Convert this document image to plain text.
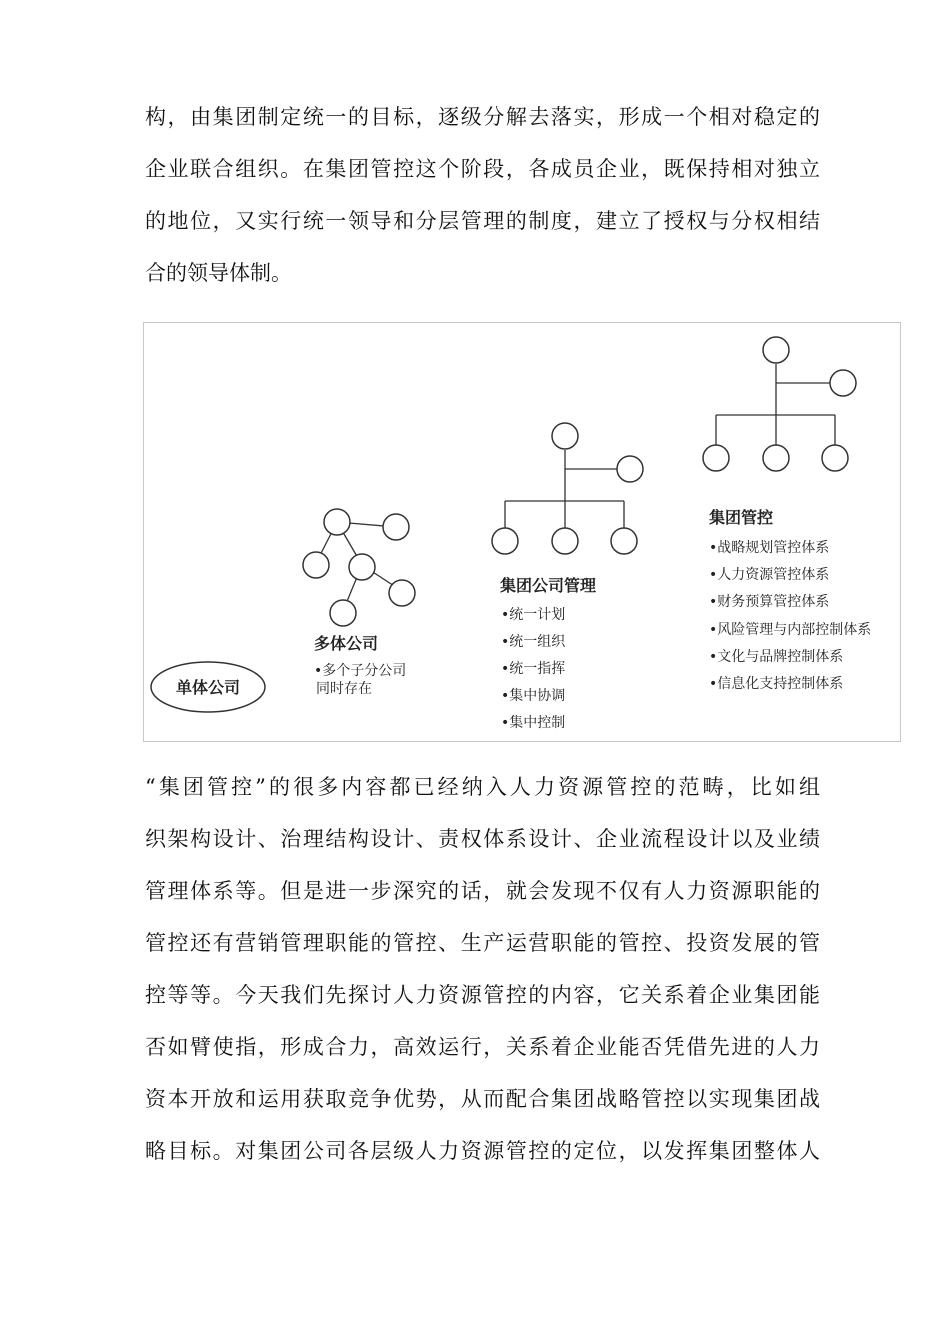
构，由集团制定统一的目标，逐级分解去落实，形成一个相对稳定的
企业联合组织。在集团管控这个阶段，各成员企业，既保持相对独立
的地位，又实行统一领导和分层管理的制度，建立了授权与分权相结
合的领导体制。
单体公司
多体公司
•多个子分公司
同时存在
集团公司管理
•统一计划
•统一组织
•统一指挥
•集中协调
•集中控制
集团管控
•战略规划管控体系
•人力资源管控体系
•财务预算管控体系
•风险管理与内部控制体系
•文化与品牌控制体系
•信息化支持控制体系
“集团管控”的很多内容都已经纳入人力资源管控的范畴，比如组
织架构设计、治理结构设计、责权体系设计、企业流程设计以及业绩
管理体系等。但是进一步深究的话，就会发现不仅有人力资源职能的
管控还有营销管理职能的管控、生产运营职能的管控、投资发展的管
控等等。今天我们先探讨人力资源管控的内容，它关系着企业集团能
否如臂使指，形成合力，高效运行，关系着企业能否凭借先进的人力
资本开放和运用获取竞争优势，从而配合集团战略管控以实现集团战
略目标。对集团公司各层级人力资源管控的定位，以发挥集团整体人
